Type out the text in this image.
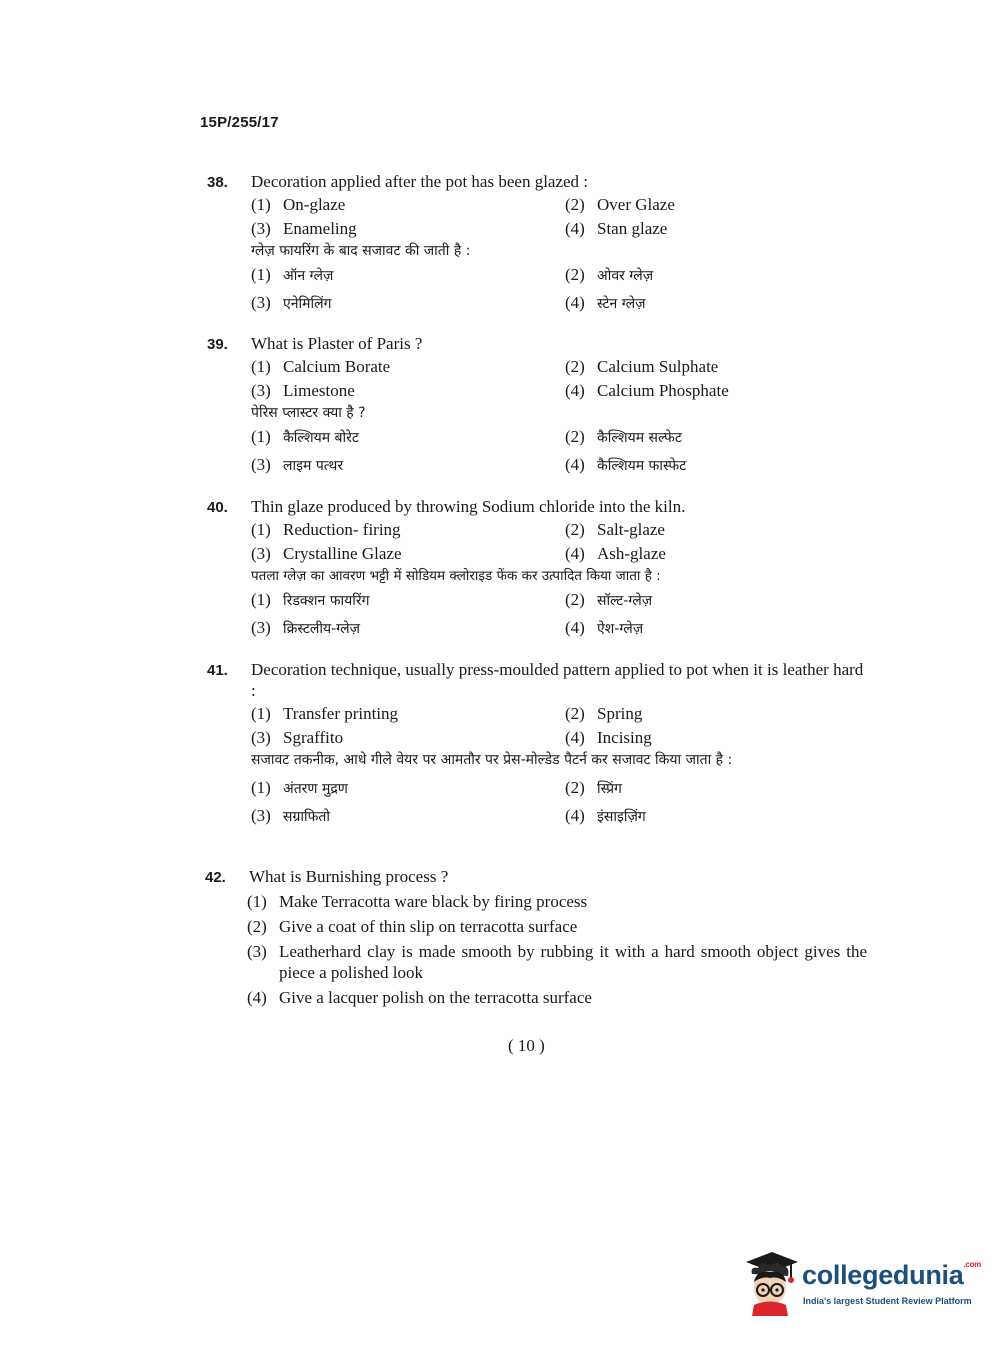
15P/255/17
38.	Decoration applied after the pot has been glazed :
(1) On-glaze	(2) Over Glaze
(3) Enameling	(4) Stan glaze
ग्लेज़ फायरिंग के बाद सजावट की जाती है :
(1) ऑन ग्लेज़	(2) ओवर ग्लेज़
(3) एनेमिलिंग	(4) स्टेन ग्लेज़
39.	What is Plaster of Paris ?
(1) Calcium Borate	(2) Calcium Sulphate
(3) Limestone	(4) Calcium Phosphate
पेरिस प्लास्टर क्या है ?
(1) कैल्शियम बोरेट	(2) कैल्शियम सल्फेट
(3) लाइम पत्थर	(4) कैल्शियम फास्फेट
40.	Thin glaze produced by throwing Sodium chloride into the kiln.
(1) Reduction- firing	(2) Salt-glaze
(3) Crystalline Glaze	(4) Ash-glaze
पतला ग्लेज़ का आवरण भट्टी में सोडियम क्लोराइड फेंक कर उत्पादित किया जाता है :
(1) रिडक्शन फायरिंग	(2) सॉल्ट-ग्लेज़
(3) क्रिस्टलीय-ग्लेज़	(4) ऐश-ग्लेज़
41.	Decoration technique, usually press-moulded pattern applied to pot when it is leather hard :
(1) Transfer printing	(2) Spring
(3) Sgraffito	(4) Incising
सजावट तकनीक, आधे गीले वेयर पर आमतौर पर प्रेस-मोल्डेड पैटर्न कर सजावट किया जाता है :
(1) अंतरण मुद्रण	(2) स्प्रिंग
(3) सग्राफितो	(4) इंसाइज़िंग
42.	What is Burnishing process ?
(1) Make Terracotta ware black by firing process
(2) Give a coat of thin slip on terracotta surface
(3) Leatherhard clay is made smooth by rubbing it with a hard smooth object gives the piece a polished look
(4) Give a lacquer polish on the terracotta surface
( 10 )
collegedunia$^{.com}$
India's largest Student Review Platform
